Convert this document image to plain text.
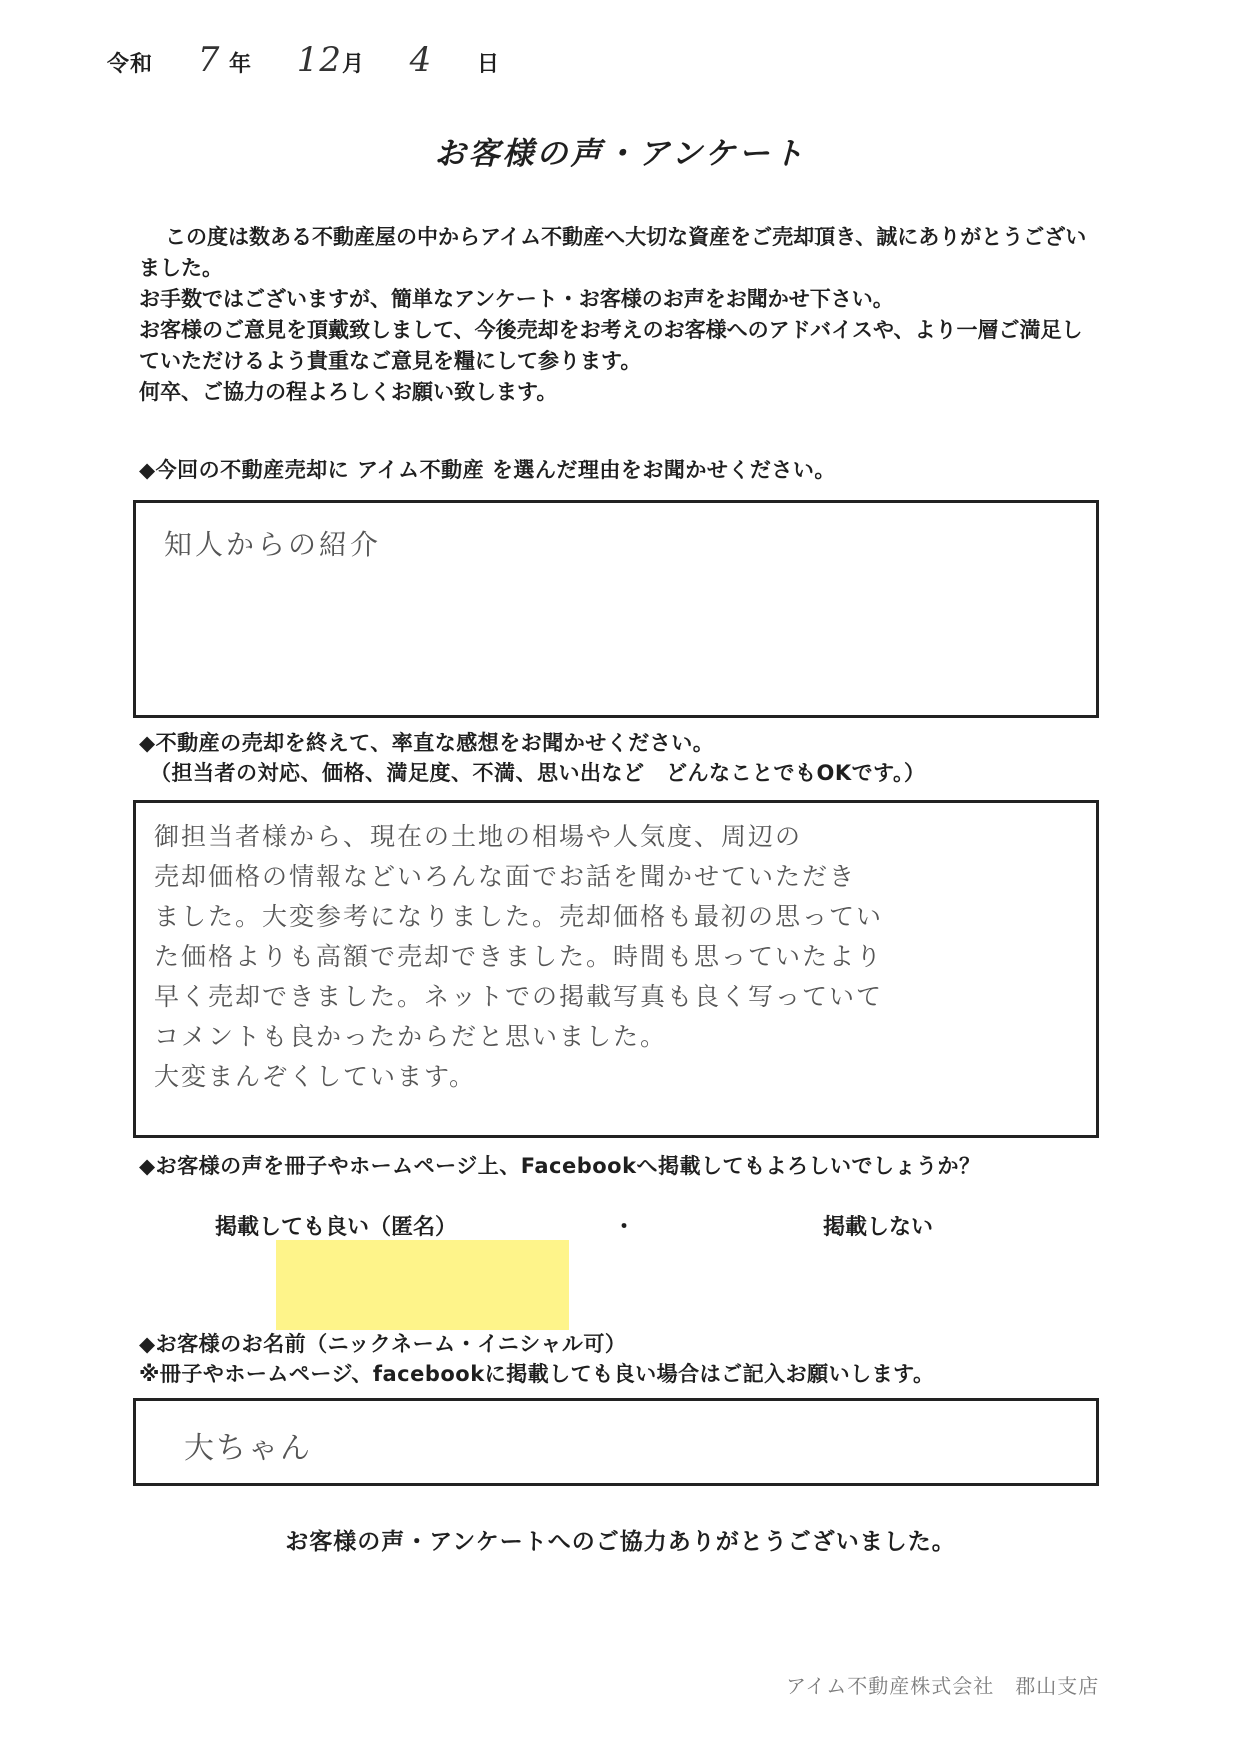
令和 7 年 12月 4 日
お客様の声・アンケート

この度は数ある不動産屋の中からアイム不動産へ大切な資産をご売却頂き、誠にありがとうございました。

お手数ではございますが、簡単なアンケート・お客様のお声をお聞かせ下さい。

お客様のご意見を頂戴致しまして、今後売却をお考えのお客様へのアドバイスや、より一層ご満足していただけるよう貴重なご意見を糧にして参ります。

何卒、ご協力の程よろしくお願い致します。

◆今回の不動産売却に アイム不動産 を選んだ理由をお聞かせください。
知人からの紹介
◆不動産の売却を終えて、率直な感想をお聞かせください。
（担当者の対応、価格、満足度、不満、思い出など　どんなことでもOKです。）
御担当者様から、現在の土地の相場や人気度、周辺の
売却価格の情報などいろんな面でお話を聞かせていただき
ました。大変参考になりました。売却価格も最初の思ってい
た価格よりも高額で売却できました。時間も思っていたより
早く売却できました。ネットでの掲載写真も良く写っていて
コメントも良かったからだと思いました。
大変まんぞくしています。
◆お客様の声を冊子やホームページ上、Facebookへ掲載してもよろしいでしょうか？
掲載しても良い（匿名）	・	掲載しない
◆お客様のお名前（ニックネーム・イニシャル可）
※冊子やホームページ、facebookに掲載しても良い場合はご記入お願いします。
大ちゃん
お客様の声・アンケートへのご協力ありがとうございました。
アイム不動産株式会社　郡山支店
